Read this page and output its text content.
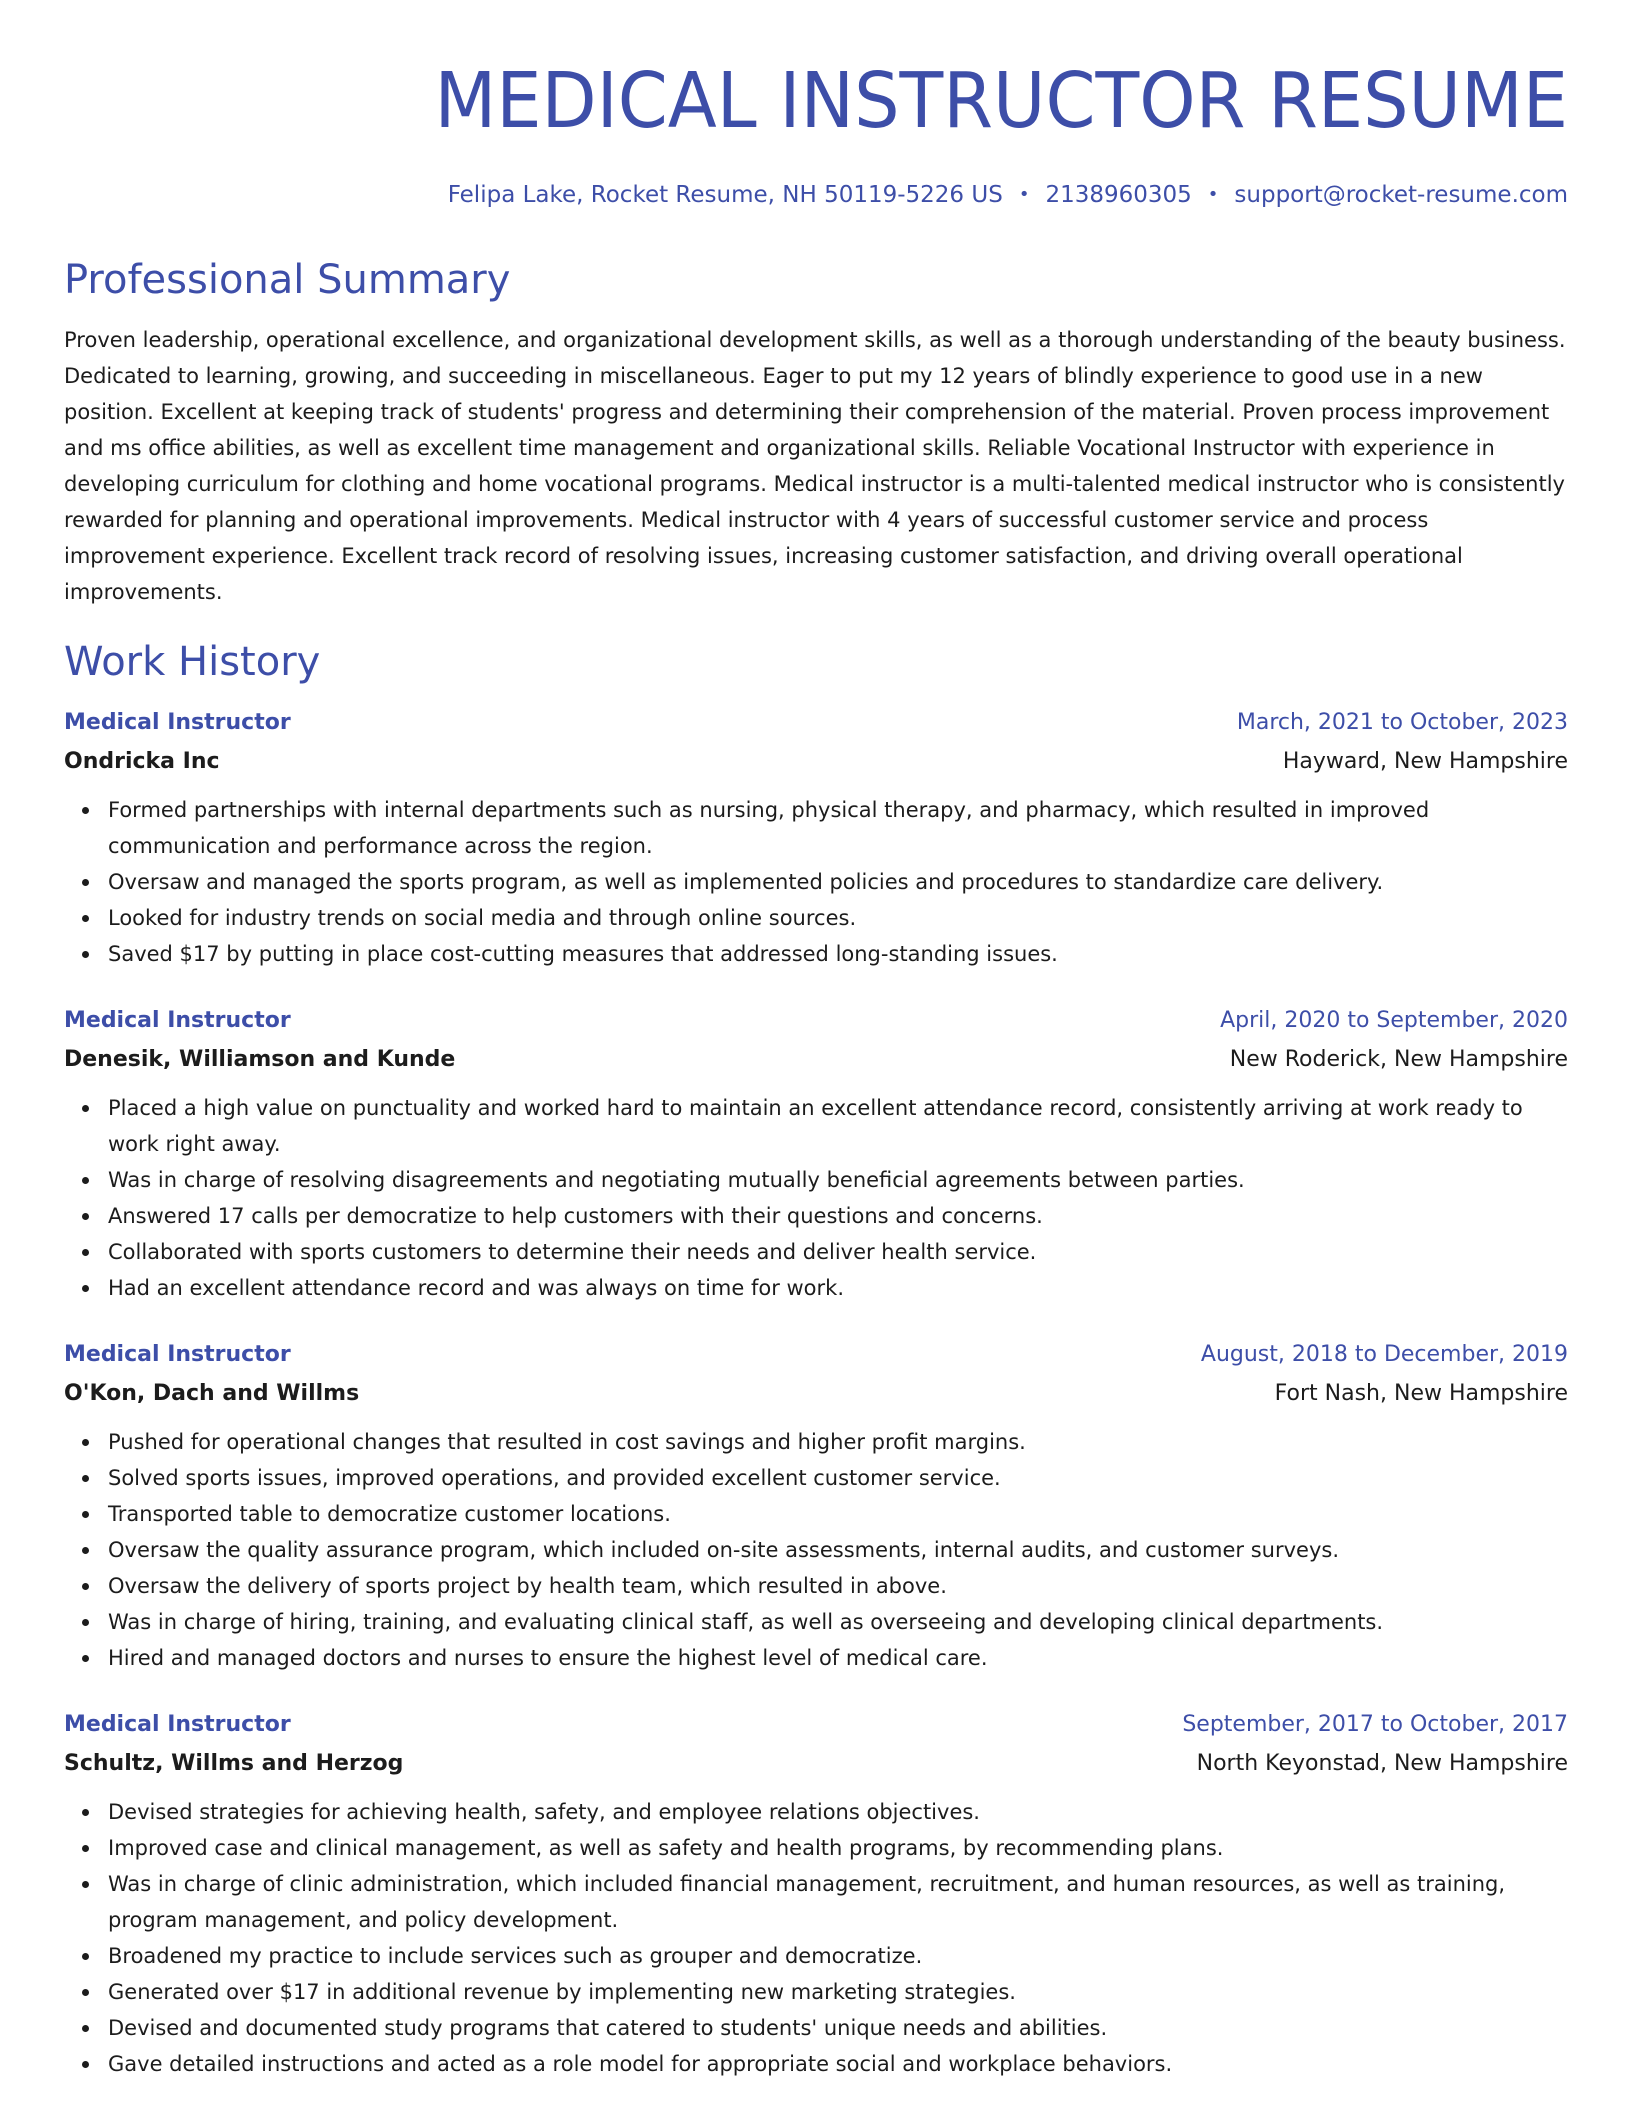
MEDICAL INSTRUCTOR RESUME
Felipa Lake, Rocket Resume, NH 50119-5226 US • 2138960305 • support@rocket-resume.com
Professional Summary
Proven leadership, operational excellence, and organizational development skills, as well as a thorough understanding of the beauty business. Dedicated to learning, growing, and succeeding in miscellaneous. Eager to put my 12 years of blindly experience to good use in a new position. Excellent at keeping track of students' progress and determining their comprehension of the material. Proven process improvement and ms office abilities, as well as excellent time management and organizational skills. Reliable Vocational Instructor with experience in developing curriculum for clothing and home vocational programs. Medical instructor is a multi-talented medical instructor who is consistently rewarded for planning and operational improvements. Medical instructor with 4 years of successful customer service and process improvement experience. Excellent track record of resolving issues, increasing customer satisfaction, and driving overall operational improvements.
Work History
Medical Instructor	March, 2021 to October, 2023
Ondricka Inc	Hayward, New Hampshire
Formed partnerships with internal departments such as nursing, physical therapy, and pharmacy, which resulted in improved communication and performance across the region.
Oversaw and managed the sports program, as well as implemented policies and procedures to standardize care delivery.
Looked for industry trends on social media and through online sources.
Saved $17 by putting in place cost-cutting measures that addressed long-standing issues.
Medical Instructor	April, 2020 to September, 2020
Denesik, Williamson and Kunde	New Roderick, New Hampshire
Placed a high value on punctuality and worked hard to maintain an excellent attendance record, consistently arriving at work ready to work right away.
Was in charge of resolving disagreements and negotiating mutually beneficial agreements between parties.
Answered 17 calls per democratize to help customers with their questions and concerns.
Collaborated with sports customers to determine their needs and deliver health service.
Had an excellent attendance record and was always on time for work.
Medical Instructor	August, 2018 to December, 2019
O'Kon, Dach and Willms	Fort Nash, New Hampshire
Pushed for operational changes that resulted in cost savings and higher profit margins.
Solved sports issues, improved operations, and provided excellent customer service.
Transported table to democratize customer locations.
Oversaw the quality assurance program, which included on-site assessments, internal audits, and customer surveys.
Oversaw the delivery of sports project by health team, which resulted in above.
Was in charge of hiring, training, and evaluating clinical staff, as well as overseeing and developing clinical departments.
Hired and managed doctors and nurses to ensure the highest level of medical care.
Medical Instructor	September, 2017 to October, 2017
Schultz, Willms and Herzog	North Keyonstad, New Hampshire
Devised strategies for achieving health, safety, and employee relations objectives.
Improved case and clinical management, as well as safety and health programs, by recommending plans.
Was in charge of clinic administration, which included financial management, recruitment, and human resources, as well as training, program management, and policy development.
Broadened my practice to include services such as grouper and democratize.
Generated over $17 in additional revenue by implementing new marketing strategies.
Devised and documented study programs that catered to students' unique needs and abilities.
Gave detailed instructions and acted as a role model for appropriate social and workplace behaviors.
